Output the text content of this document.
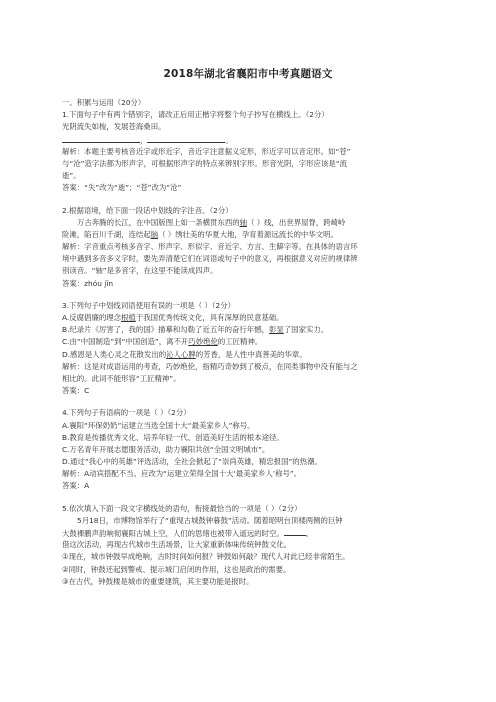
2018年湖北省襄阳市中考真题语文
一、积累与运用（20分）
1.下面句子中有两个错别字，请改正后用正楷字将整个句子抄写在横线上。（2分）
光阴流失如梭，发展苍海桑田。
，	。
解析：本题主要考核音近字或形近字，音近字注意据义定形，形近字可以音定形。如“苍”
与“沧”造字法都为形声字，可根据形声字的特点来辨别字形。形音光阴，字形应该是“流
逝”。
答案：“失”改为“逝”；“苍”改为“沧”
2.根据语境，给下面一段话中划线的字注音。（2分）
万古奔腾的长江，在中国版图上如一条横贯东西的轴（ ）线，出世界屋脊，跨崎岭
险滩，陷百川千湖，连结起脑（ ）绣壮美的华夏大地，孕育着源远流长的中华文明。
解析：字音重点考核多音字、形声字、形似字、音近字、方言、生僻字等。在具体的语言环
境中遇到多音多义字时，要先弄清楚它们在词语或句子中的意义，再根据意义对应的规律辨
别读音。“轴”是多音字，在这里不能读成四声。
答案：zhóu jǐn
3.下列句子中划线词语使用有误的一项是（ ）（2分）
A.反腐倡廉的理念根植于我国优秀传统文化，具有深厚的民意基础。
B.纪录片《厉害了，我的国》描摹和勾勒了近五年的奋行年憾，彰显了国家实力。
C.由“中国制造”到“中国创造”，离不开巧妙绝伦的工匠精神。
D.感恩是人类心灵之花散发出的沁人心脾的芳香，是人性中真善美的华章。
解析：这是对成语运用的考查，巧妙绝伦，指精巧奇妙到了极点，在同类事物中没有能与之
相比的。此词不能形容“工匠精神”。
答案：C
4.下列句子有语病的一项是（ ）（2分）
A.襄阳“环保奶奶”运建立当选全国十大“最美家乡人”称号。
B.教育是传播优秀文化、培养年轻一代、创造美好生活的根本途径。
C.万名青年开展志愿服务活动，助力襄阳共创“全国文明城市”。
D.通过“我心中的英雄”评选活动，全社会掀起了“崇尚英雄，精忠报国”的热潮。
解析：A动宾搭配不当。应改为“运建立荣得全国十大‘最美家乡人’称号”。
答案：A
5.依次填入下面一段文字横线处的语句，衔接最恰当的一项是（ ）（2分）
5月18日，市博物馆举行了“重现古城鼓钟暮鼓”活动。随着昭明台顶楼两侧的巨钟
大鼓裸鹏声韵响彻襄阳古城上空，人们的思绪也被带入遥远的时空。	。
借这次活动，再现古代城市生活场景，让大家重新体味传统钟鼓文化。
①现在，城市钟鼓早成绝响，古时时间如何报？钟鼓如何敲？现代人对此已经非常陌生。
②同时，钟鼓还起到警戒、提示城门启闭的作用，这也是政治的需要。
③在古代，钟鼓楼是城市的重要建筑，其主要功能是报时。
